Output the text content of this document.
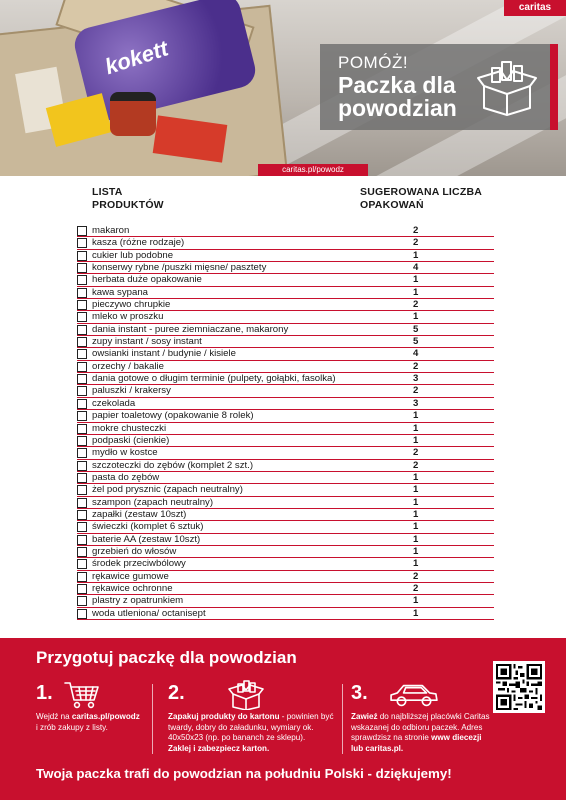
kokett
caritas
caritas.pl/powodz
POMÓŻ!
Paczka dla powodzian
LISTA
PRODUKTÓW
SUGEROWANA LICZBA
OPAKOWAŃ
makaron	2
kasza (różne rodzaje)	2
cukier lub podobne	1
konserwy rybne /puszki mięsne/ pasztety	4
herbata duże opakowanie	1
kawa sypana	1
pieczywo chrupkie	2
mleko w proszku	1
dania instant - puree ziemniaczane, makarony	5
zupy instant / sosy instant	5
owsianki instant / budynie / kisiele	4
orzechy / bakalie	2
dania gotowe o długim terminie (pulpety, gołąbki, fasolka)	3
paluszki / krakersy	2
czekolada	3
papier toaletowy (opakowanie 8 rolek)	1
mokre chusteczki	1
podpaski (cienkie)	1
mydło w kostce	2
szczoteczki do zębów (komplet 2 szt.)	2
pasta do zębów	1
żel pod prysznic (zapach neutralny)	1
szampon (zapach neutralny)	1
zapałki (zestaw 10szt)	1
świeczki (komplet 6 sztuk)	1
baterie AA (zestaw 10szt)	1
grzebień do włosów	1
środek przeciwbólowy	1
rękawice gumowe	2
rękawice ochronne	2
plastry z opatrunkiem	1
woda utleniona/ octanisept	1
Przygotuj paczkę dla powodzian
1.
Wejdź na caritas.pl/powodz
i zrób zakupy z listy.
2.
Zapakuj produkty do kartonu - powinien być twardy, dobry do załadunku, wymiary ok. 40x50x23 (np. po bananch ze sklepu).
Zaklej i zabezpiecz karton.
3.
Zawieź do najbliższej placówki Caritas wskazanej do odbioru paczek. Adres sprawdzisz na stronie www diecezji lub caritas.pl.
Twoja paczka trafi do powodzian na południu Polski - dziękujemy!
